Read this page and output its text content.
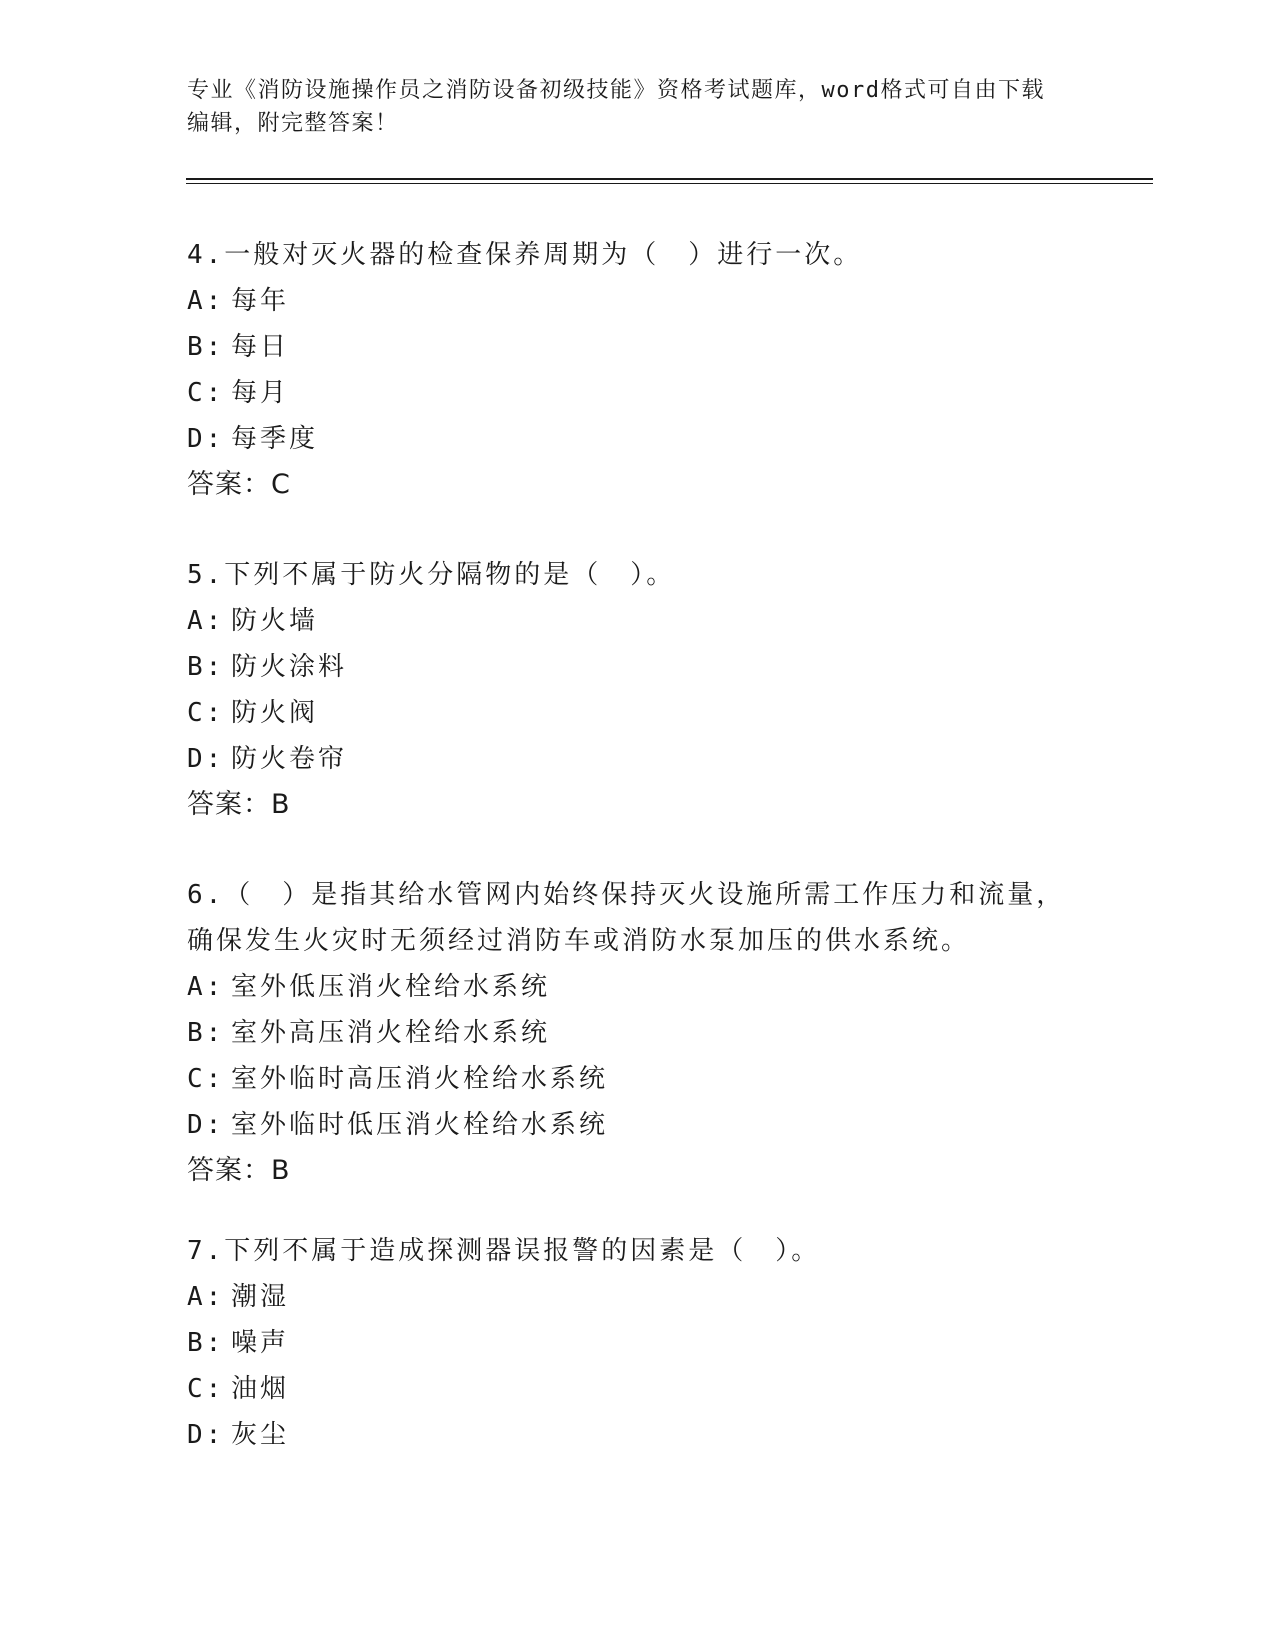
专业《消防设施操作员之消防设备初级技能》资格考试题库，word格式可自由下载编辑，附完整答案！

4.一般对灭火器的检查保养周期为（　）进行一次。

A: 每年

B: 每日

C: 每月

D: 每季度

答案：C

5.下列不属于防火分隔物的是（　）。

A: 防火墙

B: 防火涂料

C: 防火阀

D: 防火卷帘

答案：B

6.（　）是指其给水管网内始终保持灭火设施所需工作压力和流量，确保发生火灾时无须经过消防车或消防水泵加压的供水系统。

A: 室外低压消火栓给水系统

B: 室外高压消火栓给水系统

C: 室外临时高压消火栓给水系统

D: 室外临时低压消火栓给水系统

答案：B

7.下列不属于造成探测器误报警的因素是（　）。

A: 潮湿

B: 噪声

C: 油烟

D: 灰尘
